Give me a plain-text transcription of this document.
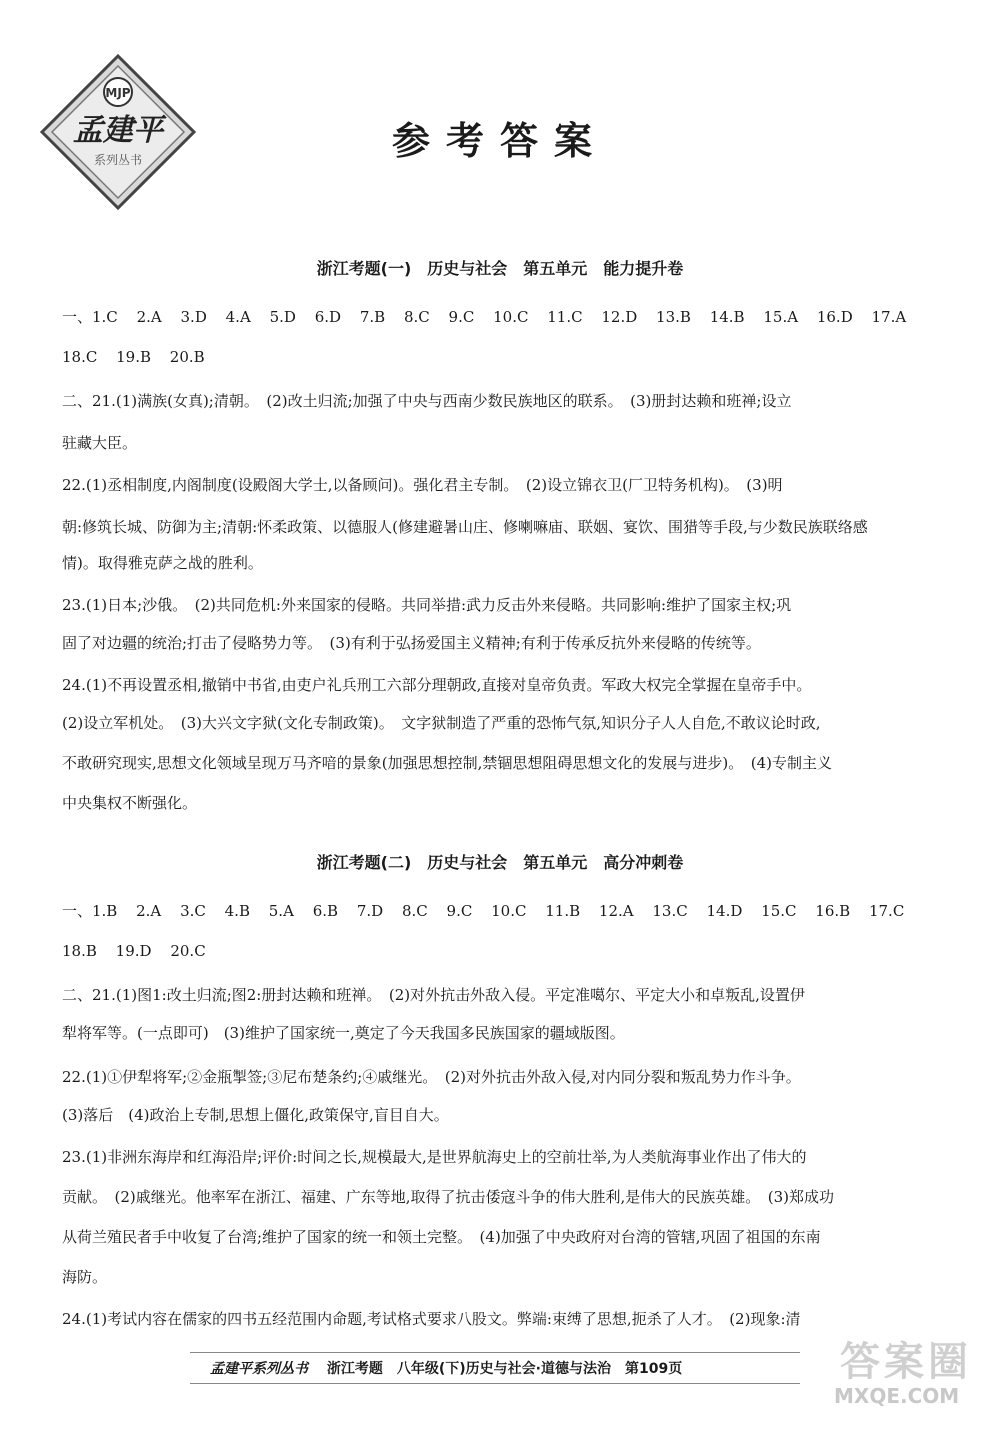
MJP
孟建平
系列丛书	参考答案
浙江考题(一)　历史与社会　第五单元　能力提升卷
一、1.C 2.A 3.D 4.A 5.D 6.D 7.B 8.C 9.C 10.C 11.C 12.D 13.B 14.B 15.A 16.D 17.A
18.C 19.B 20.B
二、21.(1)满族(女真);清朝。　(2)改土归流;加强了中央与西南少数民族地区的联系。　(3)册封达赖和班禅;设立
驻藏大臣。
22.(1)丞相制度,内阁制度(设殿阁大学士,以备顾问)。强化君主专制。　(2)设立锦衣卫(厂卫特务机构)。　(3)明
朝:修筑长城、防御为主;清朝:怀柔政策、以德服人(修建避暑山庄、修喇嘛庙、联姻、宴饮、围猎等手段,与少数民族联络感
情)。取得雅克萨之战的胜利。
23.(1)日本;沙俄。　(2)共同危机:外来国家的侵略。共同举措:武力反击外来侵略。共同影响:维护了国家主权;巩
固了对边疆的统治;打击了侵略势力等。　(3)有利于弘扬爱国主义精神;有利于传承反抗外来侵略的传统等。
24.(1)不再设置丞相,撤销中书省,由吏户礼兵刑工六部分理朝政,直接对皇帝负责。军政大权完全掌握在皇帝手中。
(2)设立军机处。　(3)大兴文字狱(文化专制政策)。　文字狱制造了严重的恐怖气氛,知识分子人人自危,不敢议论时政,
不敢研究现实,思想文化领域呈现万马齐喑的景象(加强思想控制,禁锢思想阻碍思想文化的发展与进步)。　(4)专制主义
中央集权不断强化。
浙江考题(二)　历史与社会　第五单元　高分冲刺卷
一、1.B 2.A 3.C 4.B 5.A 6.B 7.D 8.C 9.C 10.C 11.B 12.A 13.C 14.D 15.C 16.B 17.C
18.B 19.D 20.C
二、21.(1)图1:改土归流;图2:册封达赖和班禅。　(2)对外抗击外敌入侵。平定准噶尔、平定大小和卓叛乱,设置伊
犁将军等。(一点即可)　(3)维护了国家统一,奠定了今天我国多民族国家的疆域版图。
22.(1)①伊犁将军;②金瓶掣签;③尼布楚条约;④戚继光。　(2)对外抗击外敌入侵,对内同分裂和叛乱势力作斗争。
(3)落后　(4)政治上专制,思想上僵化,政策保守,盲目自大。
23.(1)非洲东海岸和红海沿岸;评价:时间之长,规模最大,是世界航海史上的空前壮举,为人类航海事业作出了伟大的
贡献。　(2)戚继光。他率军在浙江、福建、广东等地,取得了抗击倭寇斗争的伟大胜利,是伟大的民族英雄。　(3)郑成功
从荷兰殖民者手中收复了台湾;维护了国家的统一和领土完整。　(4)加强了中央政府对台湾的管辖,巩固了祖国的东南
海防。
24.(1)考试内容在儒家的四书五经范围内命题,考试格式要求八股文。弊端:束缚了思想,扼杀了人才。　(2)现象:清
孟建平系列丛书 浙江考题　八年级(下)历史与社会·道德与法治　第109页	答案圈
MXQE.COM
